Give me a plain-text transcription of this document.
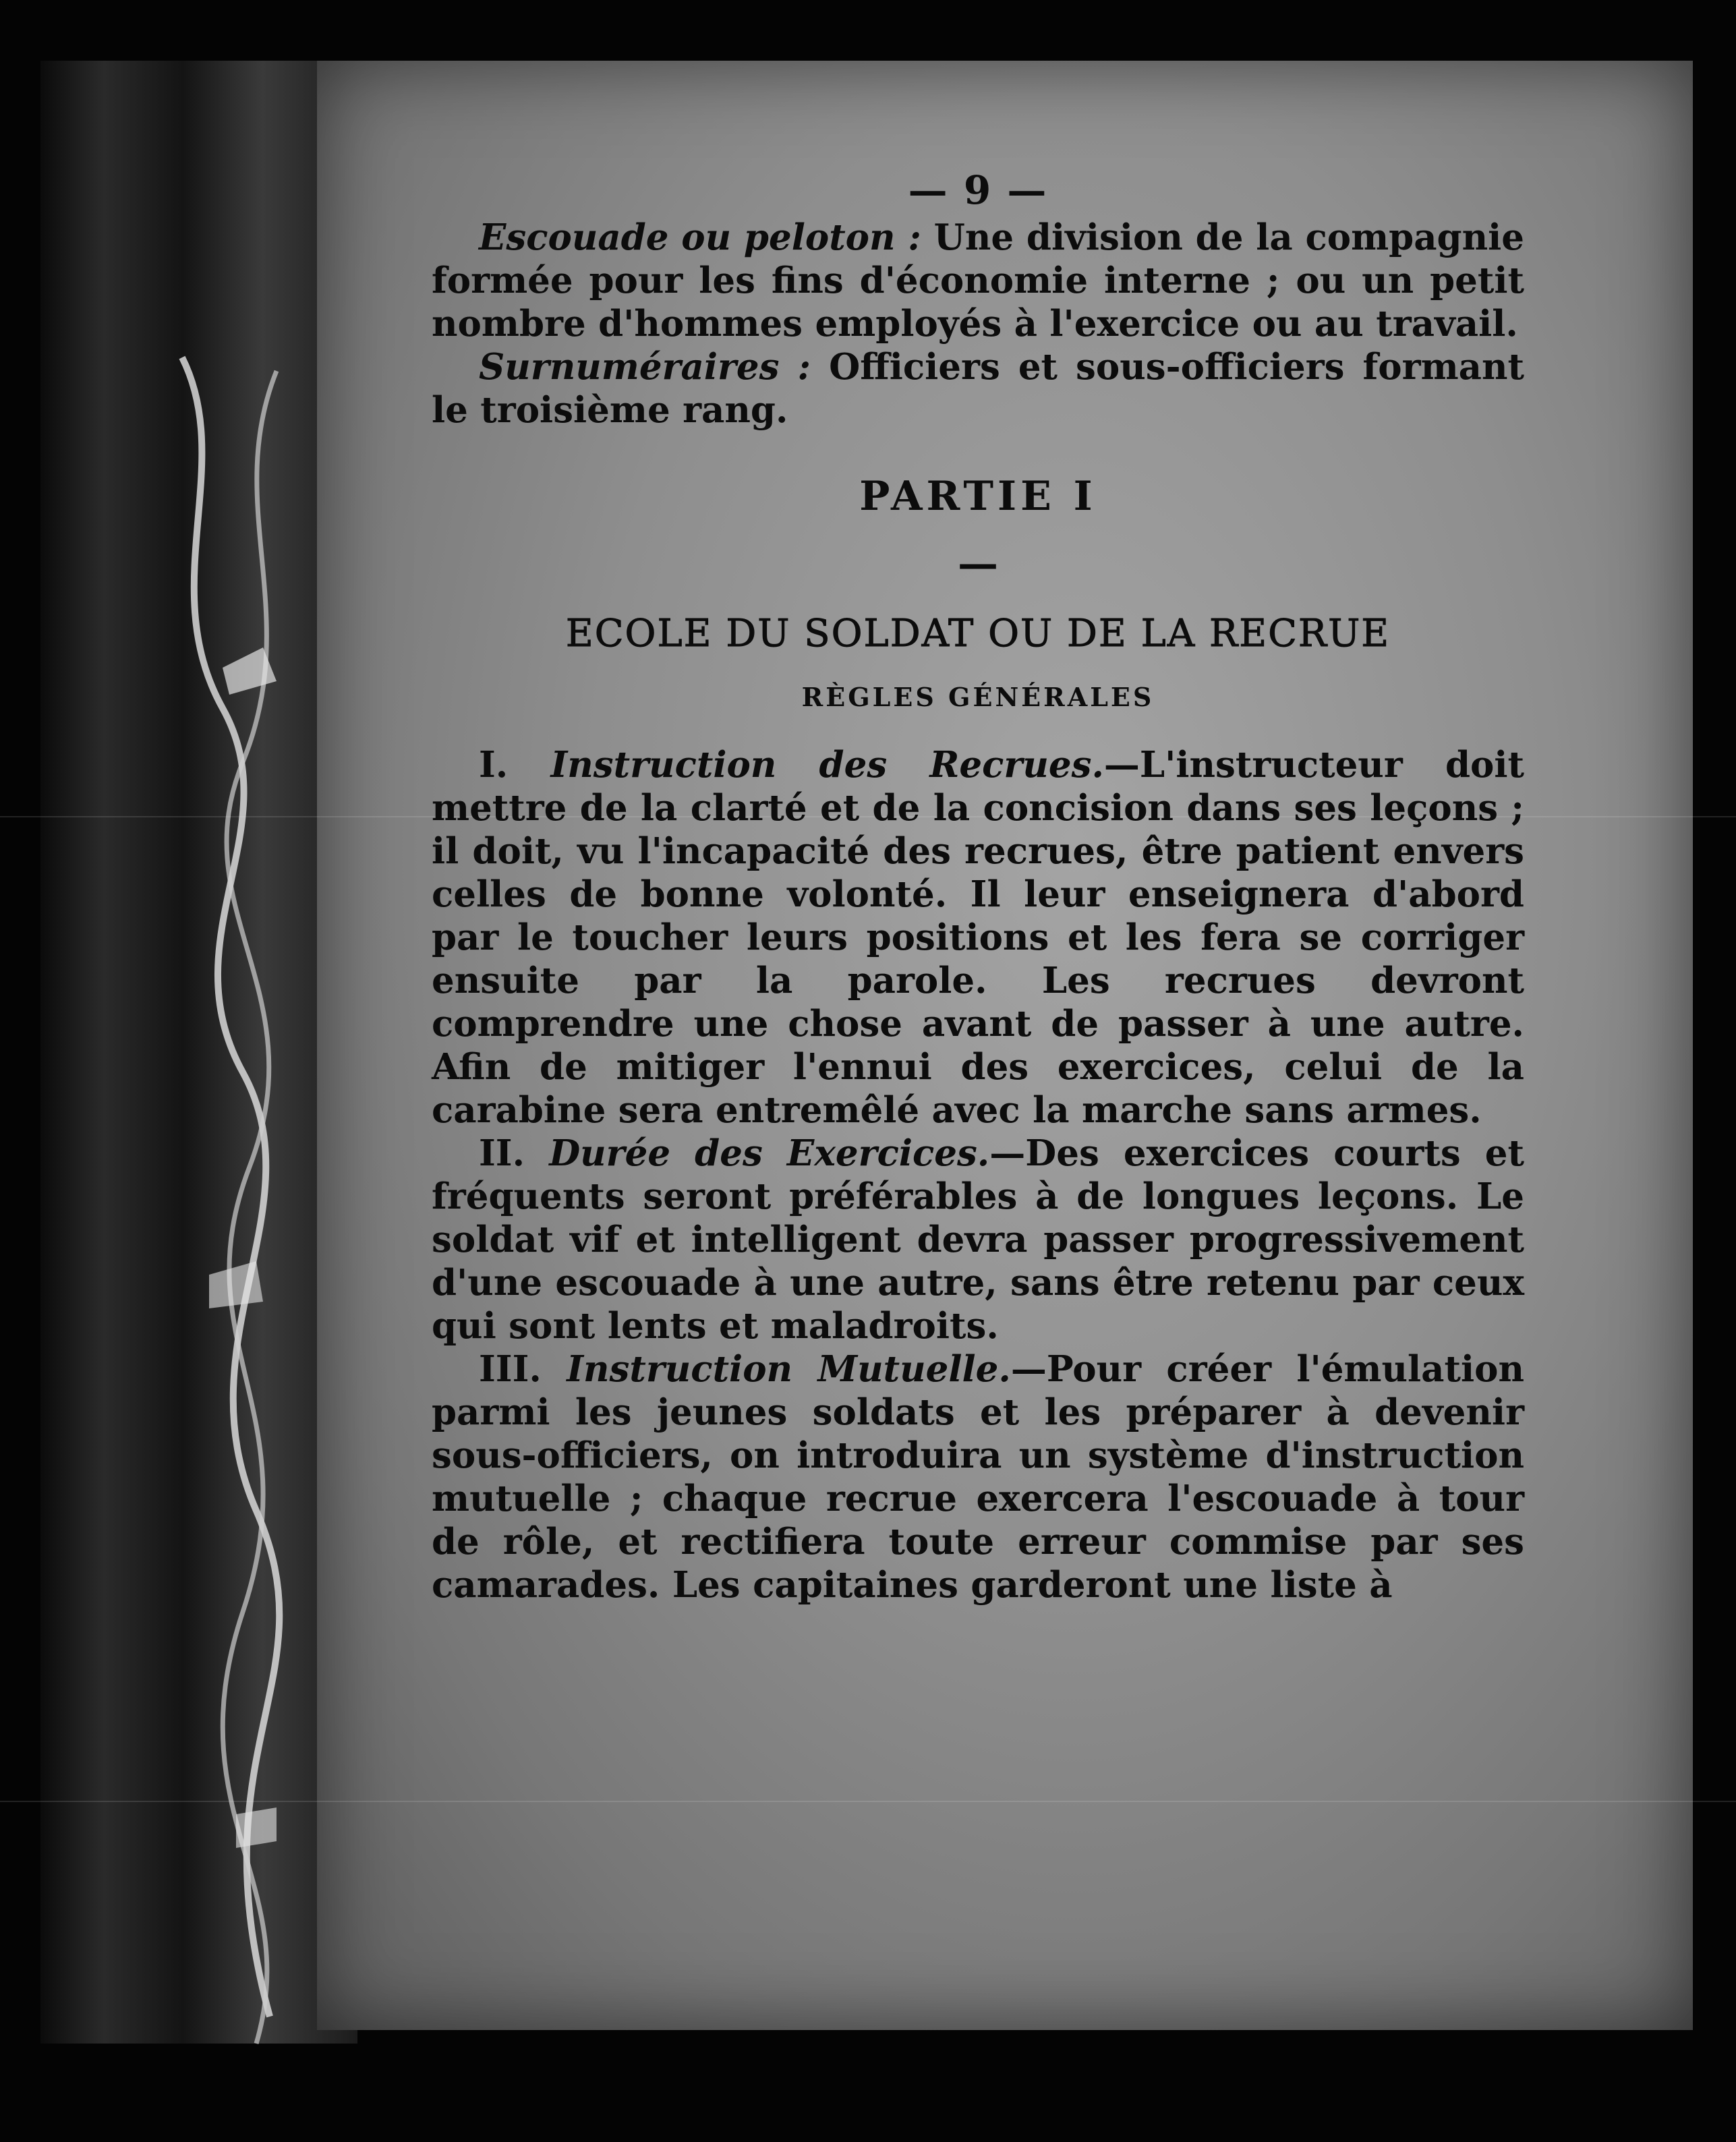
— 9 —

Escouade ou peloton : Une division de la compagnie formée pour les fins d'économie interne ; ou un petit nombre d'hommes employés à l'exercice ou au travail.

Surnuméraires : Officiers et sous-officiers formant le troisième rang.

PARTIE I
—
ECOLE DU SOLDAT OU DE LA RECRUE
RÈGLES GÉNÉRALES

I. Instruction des Recrues.—L'instructeur doit mettre de la clarté et de la concision dans ses leçons ; il doit, vu l'incapacité des recrues, être patient envers celles de bonne volonté. Il leur enseignera d'abord par le toucher leurs positions et les fera se corriger ensuite par la parole. Les recrues devront comprendre une chose avant de passer à une autre. Afin de mitiger l'ennui des exercices, celui de la carabine sera entremêlé avec la marche sans armes.

II. Durée des Exercices.—Des exercices courts et fréquents seront préférables à de longues leçons. Le soldat vif et intelligent devra passer progressivement d'une escouade à une autre, sans être retenu par ceux qui sont lents et maladroits.

III. Instruction Mutuelle.—Pour créer l'émulation parmi les jeunes soldats et les préparer à devenir sous-officiers, on introduira un système d'instruction mutuelle ; chaque recrue exercera l'escouade à tour de rôle, et rectifiera toute erreur commise par ses camarades. Les capitaines garderont une liste à
